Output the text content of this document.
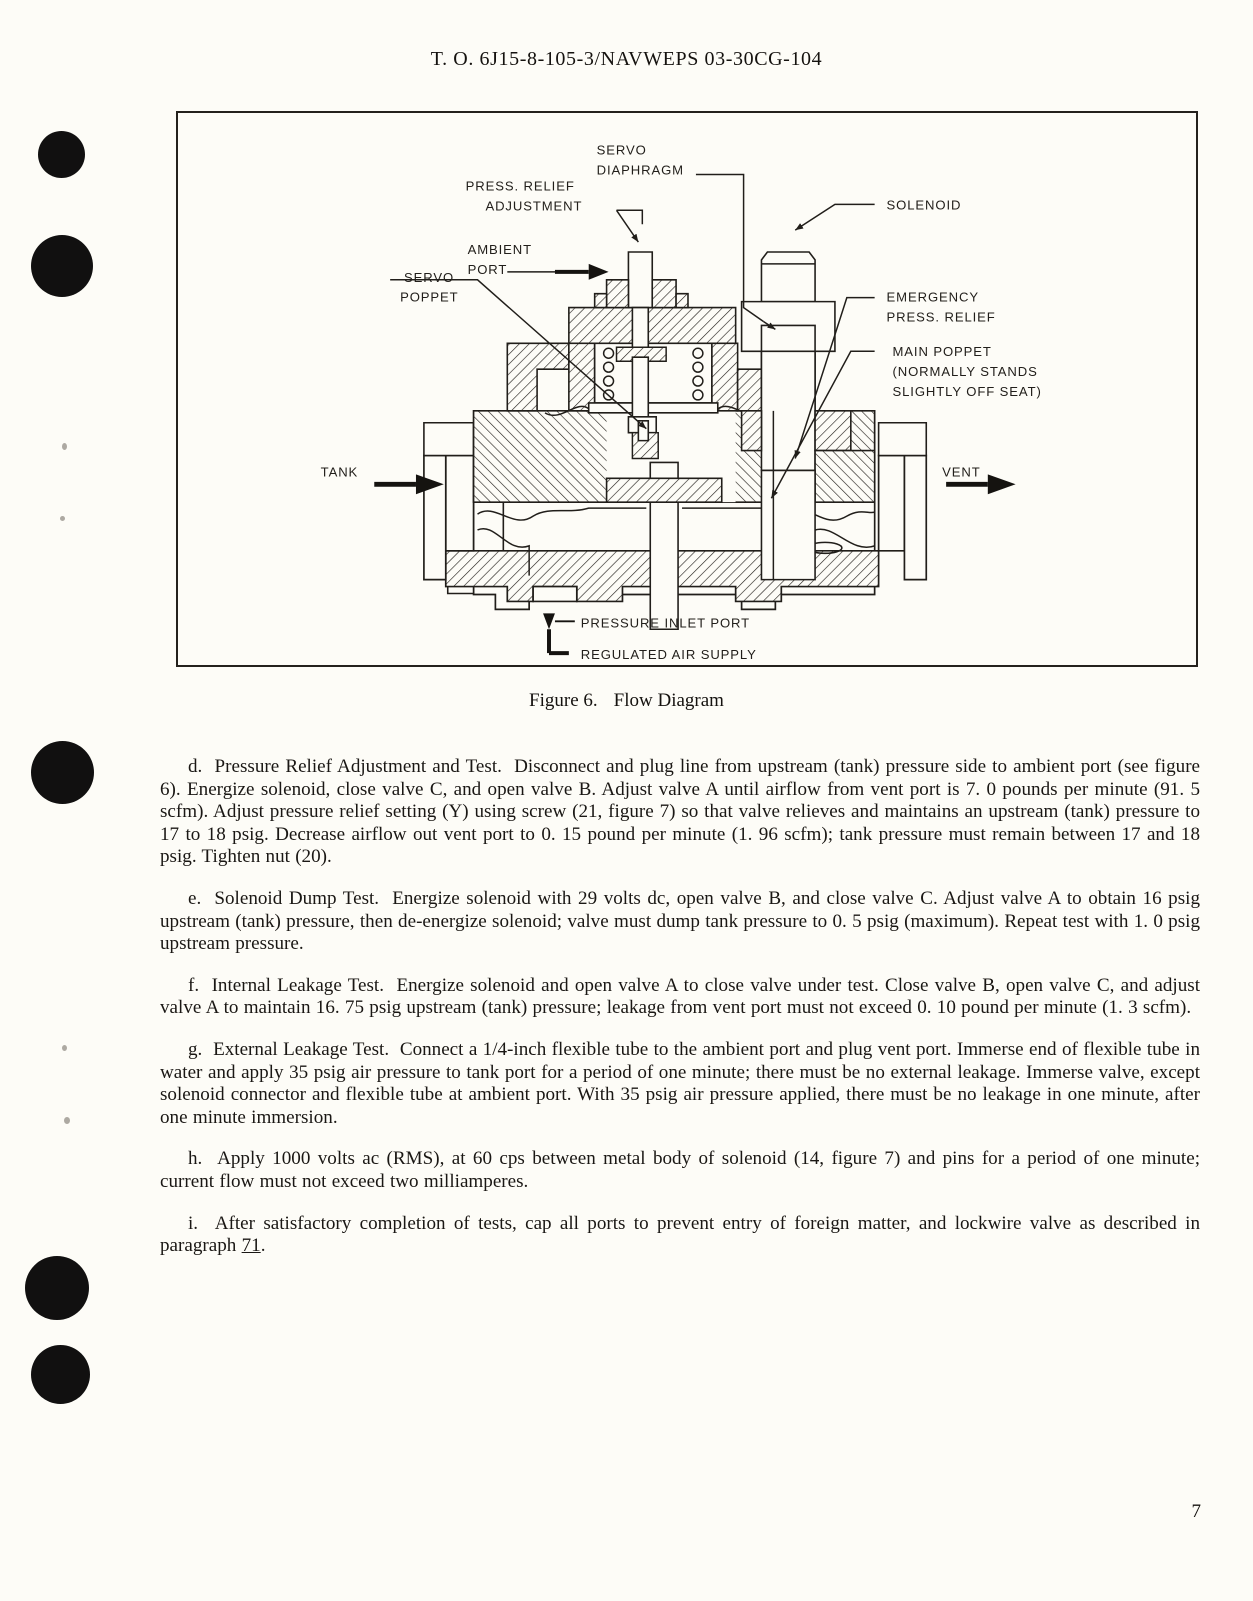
T. O. 6J15-8-105-3/NAVWEPS 03-30CG-104
SERVO
DIAPHRAGM
PRESS. RELIEF
ADJUSTMENT	SOLENOID
AMBIENT
PORT
SERVO
POPPET	EMERGENCY
PRESS. RELIEF
MAIN POPPET
(NORMALLY STANDS
SLIGHTLY OFF SEAT)
TANK	VENT
PRESSURE INLET PORT
REGULATED AIR SUPPLY
Figure 6. Flow Diagram

d. Pressure Relief Adjustment and Test. Disconnect and plug line from upstream (tank) pressure side to ambient port (see figure 6). Energize solenoid, close valve C, and open valve B. Adjust valve A until airflow from vent port is 7. 0 pounds per minute (91. 5 scfm). Adjust pressure relief setting (Y) using screw (21, figure 7) so that valve relieves and maintains an upstream (tank) pressure to 17 to 18 psig. Decrease airflow out vent port to 0. 15 pound per minute (1. 96 scfm); tank pressure must remain between 17 and 18 psig. Tighten nut (20).

e. Solenoid Dump Test. Energize solenoid with 29 volts dc, open valve B, and close valve C. Adjust valve A to obtain 16 psig upstream (tank) pressure, then de-energize solenoid; valve must dump tank pressure to 0. 5 psig (maximum). Repeat test with 1. 0 psig upstream pressure.

f. Internal Leakage Test. Energize solenoid and open valve A to close valve under test. Close valve B, open valve C, and adjust valve A to maintain 16. 75 psig upstream (tank) pressure; leakage from vent port must not exceed 0. 10 pound per minute (1. 3 scfm).

g. External Leakage Test. Connect a 1/4-inch flexible tube to the ambient port and plug vent port. Immerse end of flexible tube in water and apply 35 psig air pressure to tank port for a period of one minute; there must be no external leakage. Immerse valve, except solenoid connector and flexible tube at ambient port. With 35 psig air pressure applied, there must be no leakage in one minute, after one minute immersion.

h. Apply 1000 volts ac (RMS), at 60 cps between metal body of solenoid (14, figure 7) and pins for a period of one minute; current flow must not exceed two milliamperes.

i. After satisfactory completion of tests, cap all ports to prevent entry of foreign matter, and lockwire valve as described in paragraph 71.

7
